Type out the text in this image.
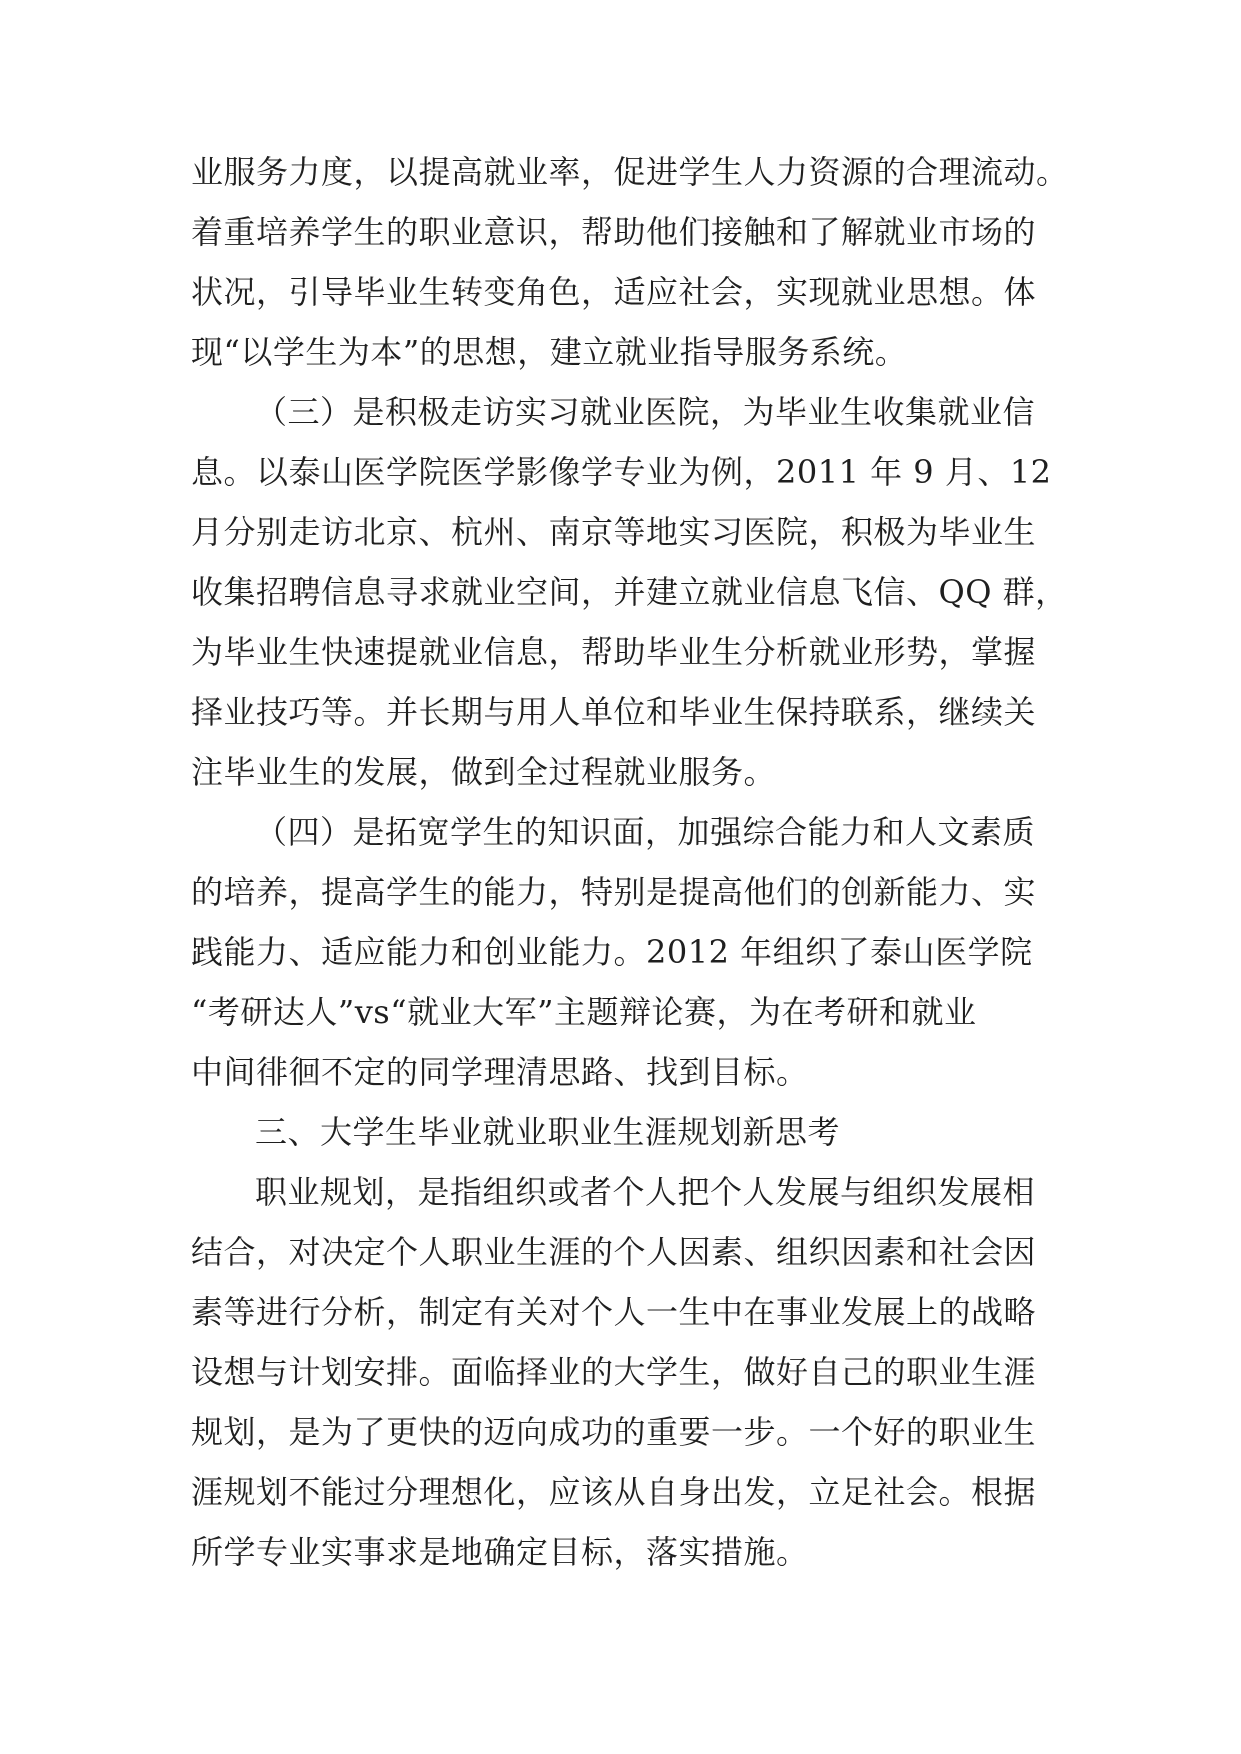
业服务力度，以提高就业率，促进学生人力资源的合理流动。
着重培养学生的职业意识，帮助他们接触和了解就业市场的
状况，引导毕业生转变角色，适应社会，实现就业思想。体
现“以学生为本”的思想，建立就业指导服务系统。
（三）是积极走访实习就业医院，为毕业生收集就业信
息。以泰山医学院医学影像学专业为例，2011 年 9 月、12
月分别走访北京、杭州、南京等地实习医院，积极为毕业生
收集招聘信息寻求就业空间，并建立就业信息飞信、QQ 群，
为毕业生快速提就业信息，帮助毕业生分析就业形势，掌握
择业技巧等。并长期与用人单位和毕业生保持联系，继续关
注毕业生的发展，做到全过程就业服务。
（四）是拓宽学生的知识面，加强综合能力和人文素质
的培养，提高学生的能力，特别是提高他们的创新能力、实
践能力、适应能力和创业能力。2012 年组织了泰山医学院
“考研达人”vs“就业大军”主题辩论赛，为在考研和就业
中间徘徊不定的同学理清思路、找到目标。
三、大学生毕业就业职业生涯规划新思考
职业规划，是指组织或者个人把个人发展与组织发展相
结合，对决定个人职业生涯的个人因素、组织因素和社会因
素等进行分析，制定有关对个人一生中在事业发展上的战略
设想与计划安排。面临择业的大学生，做好自己的职业生涯
规划，是为了更快的迈向成功的重要一步。一个好的职业生
涯规划不能过分理想化，应该从自身出发，立足社会。根据
所学专业实事求是地确定目标，落实措施。
